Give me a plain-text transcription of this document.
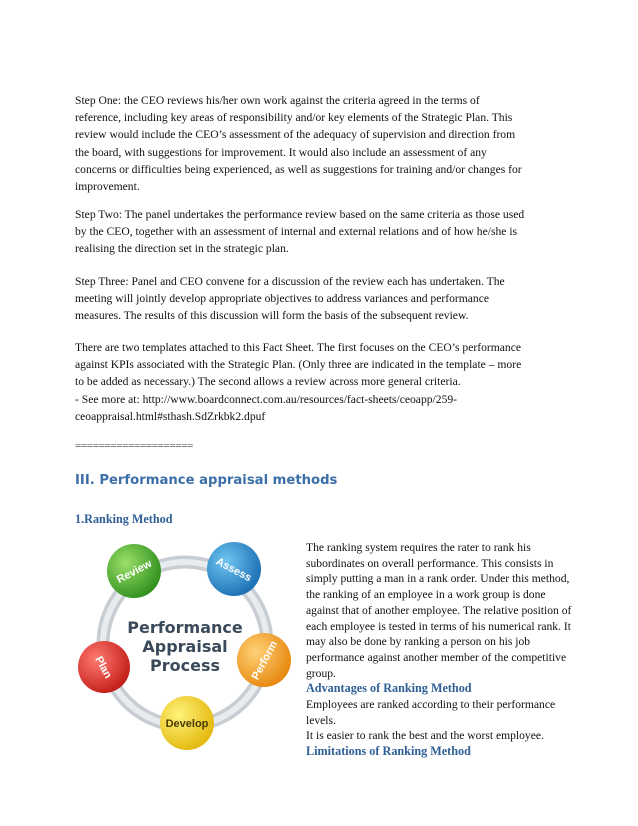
Step One: the CEO reviews his/her own work against the criteria agreed in the terms of
reference, including key areas of responsibility and/or key elements of the Strategic Plan. This
review would include the CEO’s assessment of the adequacy of supervision and direction from
the board, with suggestions for improvement. It would also include an assessment of any
concerns or difficulties being experienced, as well as suggestions for training and/or changes for
improvement.
Step Two: The panel undertakes the performance review based on the same criteria as those used
by the CEO, together with an assessment of internal and external relations and of how he/she is
realising the direction set in the strategic plan.
Step Three: Panel and CEO convene for a discussion of the review each has undertaken. The
meeting will jointly develop appropriate objectives to address variances and performance
measures. The results of this discussion will form the basis of the subsequent review.
There are two templates attached to this Fact Sheet. The first focuses on the CEO’s performance
against KPIs associated with the Strategic Plan. (Only three are indicated in the template – more
to be added as necessary.) The second allows a review across more general criteria.
- See more at: http://www.boardconnect.com.au/resources/fact-sheets/ceoapp/259-
ceoappraisal.html#sthash.SdZrkbk2.dpuf
====================
III. Performance appraisal methods
1.Ranking Method
Review	Assess
Perform
Develop
Plan
Performance
Appraisal
Process
The ranking system requires the rater to rank his
subordinates on overall performance. This consists in
simply putting a man in a rank order. Under this method,
the ranking of an employee in a work group is done
against that of another employee. The relative position of
each employee is tested in terms of his numerical rank. It
may also be done by ranking a person on his job
performance against another member of the competitive
group.
Advantages of Ranking Method
Employees are ranked according to their performance
levels.
It is easier to rank the best and the worst employee.
Limitations of Ranking Method
